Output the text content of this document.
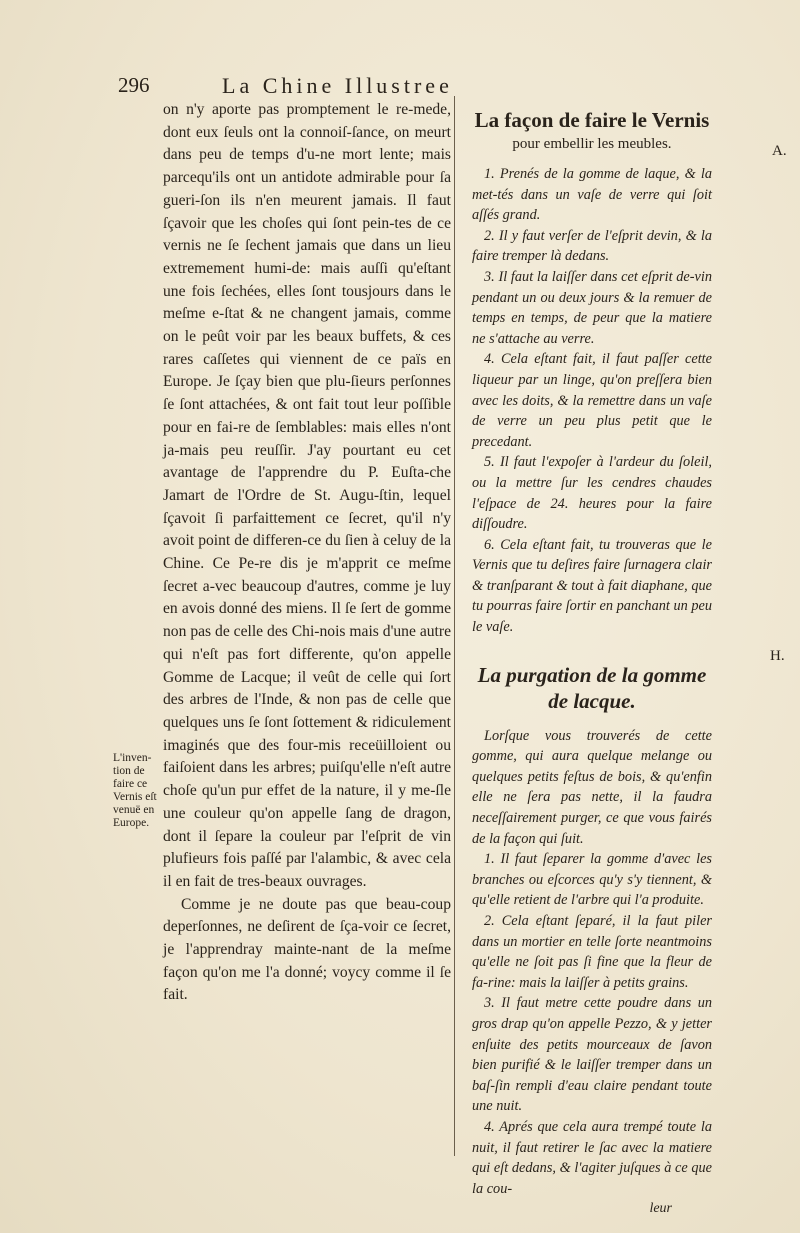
296	La Chine Illustree
L'inven-tion de faire ce Vernis eſt venuë en Europe.

on n'y aporte pas promptement le re-mede, dont eux ſeuls ont la connoiſ-ſance, on meurt dans peu de temps d'u-ne mort lente; mais parcequ'ils ont un antidote admirable pour ſa gueri-ſon ils n'en meurent jamais. Il faut ſçavoir que les choſes qui ſont pein-tes de ce vernis ne ſe ſechent jamais que dans un lieu extremement humi-de: mais auſſi qu'eſtant une fois ſechées, elles ſont tousjours dans le meſme e-ſtat & ne changent jamais, comme on le peût voir par les beaux buffets, & ces rares caſſetes qui viennent de ce païs en Europe. Je ſçay bien que plu-ſieurs perſonnes ſe ſont attachées, & ont fait tout leur poſſible pour en fai-re de ſemblables: mais elles n'ont ja-mais peu reuſſir. J'ay pourtant eu cet avantage de l'apprendre du P. Euſta-che Jamart de l'Ordre de St. Augu-ſtin, lequel ſçavoit ſi parfaittement ce ſecret, qu'il n'y avoit point de differen-ce du ſien à celuy de la Chine. Ce Pe-re dis je m'apprit ce meſme ſecret a-vec beaucoup d'autres, comme je luy en avois donné des miens. Il ſe ſert de gomme non pas de celle des Chi-nois mais d'une autre qui n'eſt pas fort differente, qu'on appelle Gomme de Lacque; il veût de celle qui ſort des arbres de l'Inde, & non pas de celle que quelques uns ſe ſont ſottement & ridiculement imaginés que des four-mis receüilloient ou faiſoient dans les arbres; puiſqu'elle n'eſt autre choſe qu'un pur effet de la nature, il y me-ſle une couleur qu'on appelle ſang de dragon, dont il ſepare la couleur par l'eſprit de vin plufieurs fois paſſé par l'alambic, & avec cela il en fait de tres-beaux ouvrages.

Comme je ne doute pas que beau-coup deperſonnes, ne deſirent de ſça-voir ce ſecret, je l'apprendray mainte-nant de la meſme façon qu'on me l'a donné; voycy comme il ſe fait.

A.
H.
La façon de faire le Vernis
pour embellir les meubles.

1. Prenés de la gomme de laque, & la met-tés dans un vaſe de verre qui ſoit aſſés grand.

2. Il y faut verſer de l'eſprit devin, & la faire tremper là dedans.

3. Il faut la laiſſer dans cet eſprit de-vin pendant un ou deux jours & la remuer de temps en temps, de peur que la matiere ne s'attache au verre.

4. Cela eſtant fait, il faut paſſer cette liqueur par un linge, qu'on preſſera bien avec les doits, & la remettre dans un vaſe de verre un peu plus petit que le precedant.

5. Il faut l'expoſer à l'ardeur du ſoleil, ou la mettre ſur les cendres chaudes l'eſpace de 24. heures pour la faire diſſoudre.

6. Cela eſtant fait, tu trouveras que le Vernis que tu deſires faire ſurnagera clair & tranſparant & tout à fait diaphane, que tu pourras faire ſortir en panchant un peu le vaſe.

La purgation de la gomme de lacque.

Lorſque vous trouverés de cette gomme, qui aura quelque melange ou quelques petits feſtus de bois, & qu'enfin elle ne ſera pas nette, il la faudra neceſſairement purger, ce que vous fairés de la façon qui ſuit.

1. Il faut ſeparer la gomme d'avec les branches ou eſcorces qu'y s'y tiennent, & qu'elle retient de l'arbre qui l'a produite.

2. Cela eſtant ſeparé, il la faut piler dans un mortier en telle ſorte neantmoins qu'elle ne ſoit pas ſi fine que la fleur de fa-rine: mais la laiſſer à petits grains.

3. Il faut metre cette poudre dans un gros drap qu'on appelle Pezzo, & y jetter enſuite des petits mourceaux de ſavon bien purifié & le laiſſer tremper dans un baſ-ſin rempli d'eau claire pendant toute une nuit.

4. Aprés que cela aura trempé toute la nuit, il faut retirer le ſac avec la matiere qui eſt dedans, & l'agiter juſques à ce que la cou-

leur
